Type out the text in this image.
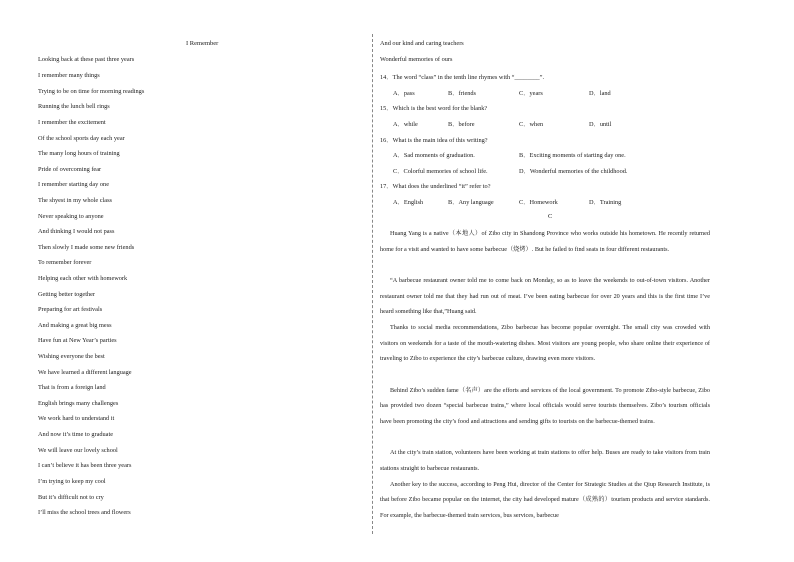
I Remember
Looking back at these past three years
I remember many things
Trying to be on time for morning readings
Running the lunch bell rings
I remember the excitement
Of the school sports day each year
The many long hours of training
Pride of overcoming fear
I remember starting day one
The shyest in my whole class
Never speaking to anyone
And thinking I would not pass
Then slowly I made some new friends
To remember forever
Helping each other with homework
Getting better together
Preparing for art festivals
And making a great big mess
Have fun at New Year’s parties
Wishing everyone the best
We have learned a different language
That is from a foreign land
English brings many challenges
We work hard to understand it
And now it’s time to graduate
We will leave our lovely school
I can’t believe it has been three years
I’m trying to keep my cool
But it’s difficult not to cry
I’ll miss the school trees and flowers
And our kind and caring teachers
Wonderful memories of ours
14．The word “class” in the tenth line rhymes with “________”.
A．pass	B．friends	C．years	D．land
15．Which is the best word for the blank?
A．while	B．before	C．when	D．until
16．What is the main idea of this writing?
A．Sad moments of graduation.	B．Exciting moments of starting day one.
C．Colorful memories of school life.	D．Wonderful memories of the childhood.
17．What does the underlined “it” refer to?
A．English	B．Any language	C．Homework	D．Training
C
Huang Yang is a native（本地人）of Zibo city in Shandong Province who works outside his hometown. He recently returned home for a visit and wanted to have some barbecue（烧烤）. But he failed to find seats in four different restaurants.
“A barbecue restaurant owner told me to come back on Monday, so as to leave the weekends to out-of-town visitors. Another restaurant owner told me that they had run out of meat. I’ve been eating barbecue for over 20 years and this is the first time I’ve heard something like that,”Huang said.
Thanks to social media recommendations, Zibo barbecue has become popular overnight. The small city was crowded with visitors on weekends for a taste of the mouth-watering dishes. Most visitors are young people, who share online their experience of traveling to Zibo to experience the city’s barbecue culture, drawing even more visitors.
Behind Zibo’s sudden fame（名声）are the efforts and services of the local government. To promote Zibo-style barbecue, Zibo has provided two dozen “special barbecue trains,” where local officials would serve tourists themselves. Zibo’s tourism officials have been promoting the city’s food and attractions and sending gifts to tourists on the barbecue-themed trains.
At the city’s train station, volunteers have been working at train stations to offer help. Buses are ready to take visitors from train stations straight to barbecue restaurants.
Another key to the success, according to Peng Hui, director of the Center for Strategic Studies at the Qiup Research Institute, is that before Zibo became popular on the internet, the city had developed mature（成熟的）tourism products and service standards. For example, the barbecue-themed train services, bus services, barbecue
